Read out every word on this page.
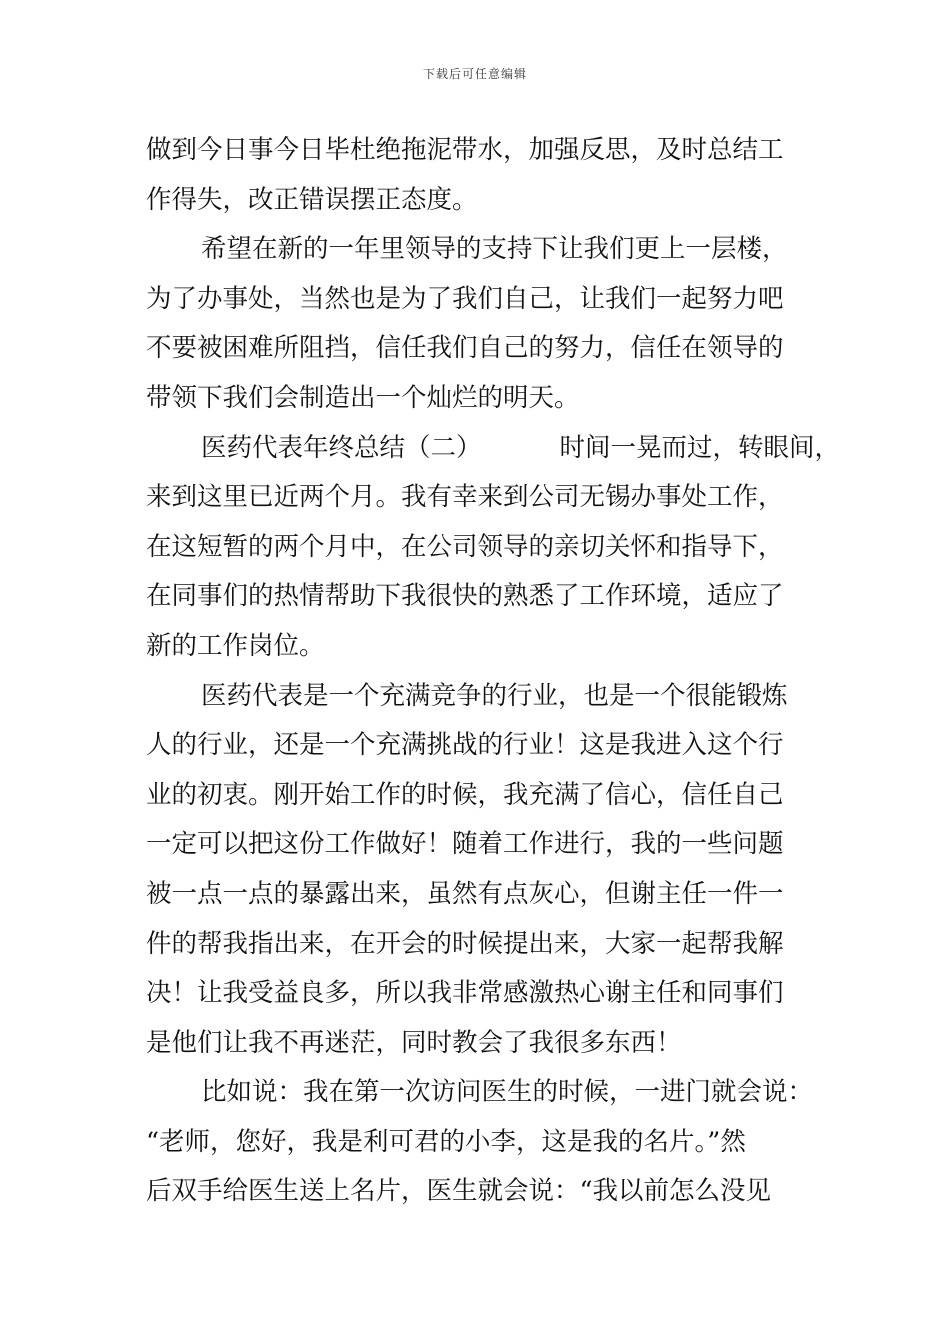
下载后可任意编辑
做到今日事今日毕杜绝拖泥带水，加强反思，及时总结工
作得失，改正错误摆正态度。
希望在新的一年里领导的支持下让我们更上一层楼，
为了办事处，当然也是为了我们自己，让我们一起努力吧
不要被困难所阻挡，信任我们自己的努力，信任在领导的
带领下我们会制造出一个灿烂的明天。
医药代表年终总结（二）	时间一晃而过，转眼间，
来到这里已近两个月。我有幸来到公司无锡办事处工作，
在这短暂的两个月中，在公司领导的亲切关怀和指导下，
在同事们的热情帮助下我很快的熟悉了工作环境，适应了
新的工作岗位。
医药代表是一个充满竞争的行业，也是一个很能锻炼
人的行业，还是一个充满挑战的行业！这是我进入这个行
业的初衷。刚开始工作的时候，我充满了信心，信任自己
一定可以把这份工作做好！随着工作进行，我的一些问题
被一点一点的暴露出来，虽然有点灰心，但谢主任一件一
件的帮我指出来，在开会的时候提出来，大家一起帮我解
决！让我受益良多，所以我非常感激热心谢主任和同事们
是他们让我不再迷茫，同时教会了我很多东西！
比如说：我在第一次访问医生的时候，一进门就会说：
“老师，您好，我是利可君的小李，这是我的名片。”然
后双手给医生送上名片，医生就会说：“我以前怎么没见
